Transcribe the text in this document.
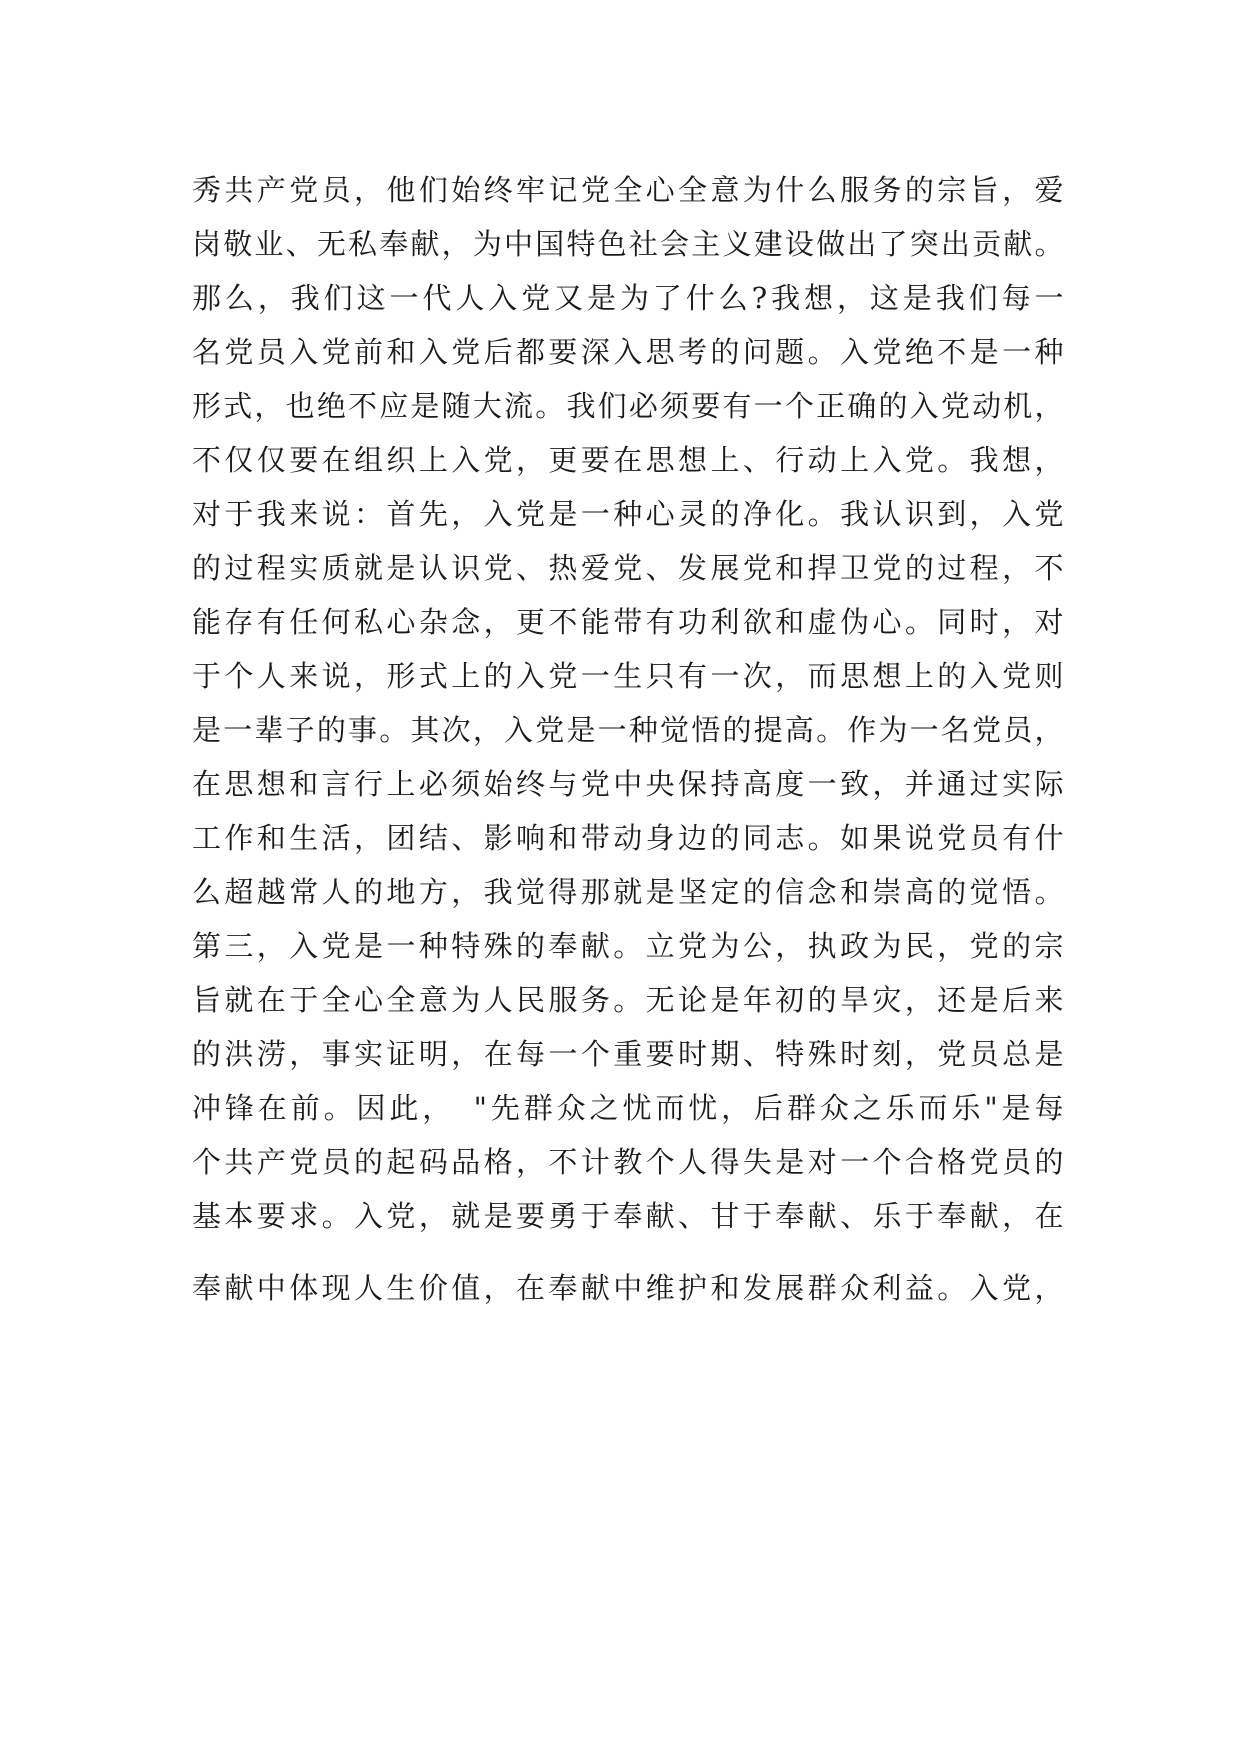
秀共产党员，他们始终牢记党全心全意为什么服务的宗旨，爱
岗敬业、无私奉献，为中国特色社会主义建设做出了突出贡献。
那么，我们这一代人入党又是为了什么?我想，这是我们每一
名党员入党前和入党后都要深入思考的问题。入党绝不是一种
形式，也绝不应是随大流。我们必须要有一个正确的入党动机，
不仅仅要在组织上入党，更要在思想上、行动上入党。我想，
对于我来说：首先，入党是一种心灵的净化。我认识到，入党
的过程实质就是认识党、热爱党、发展党和捍卫党的过程，不
能存有任何私心杂念，更不能带有功利欲和虚伪心。同时，对
于个人来说，形式上的入党一生只有一次，而思想上的入党则
是一辈子的事。其次，入党是一种觉悟的提高。作为一名党员，
在思想和言行上必须始终与党中央保持高度一致，并通过实际
工作和生活，团结、影响和带动身边的同志。如果说党员有什
么超越常人的地方，我觉得那就是坚定的信念和崇高的觉悟。
第三，入党是一种特殊的奉献。立党为公，执政为民，党的宗
旨就在于全心全意为人民服务。无论是年初的旱灾，还是后来
的洪涝，事实证明，在每一个重要时期、特殊时刻，党员总是
冲锋在前。因此，　"先群众之忧而忧，后群众之乐而乐"是每
个共产党员的起码品格，不计教个人得失是对一个合格党员的
基本要求。入党，就是要勇于奉献、甘于奉献、乐于奉献，在
奉献中体现人生价值，在奉献中维护和发展群众利益。入党，
